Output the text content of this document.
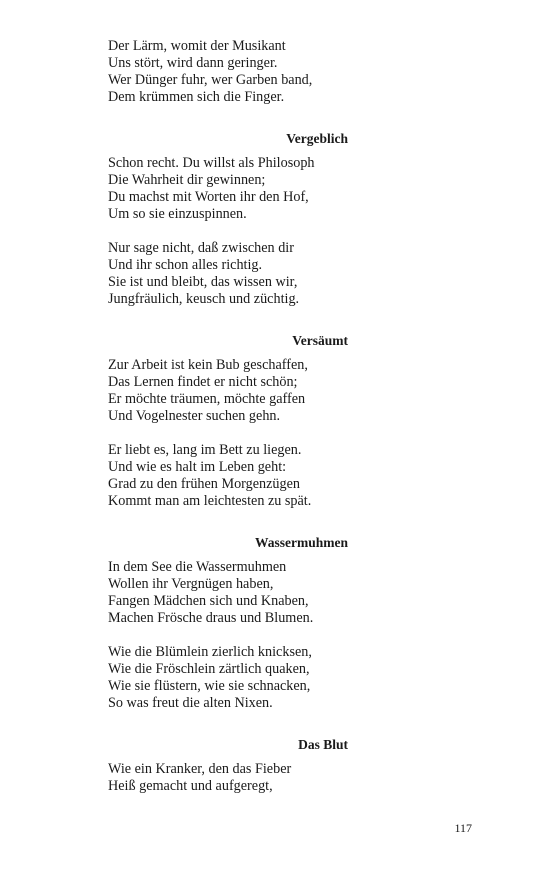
Der Lärm, womit der Musikant
Uns stört, wird dann geringer.
Wer Dünger fuhr, wer Garben band,
Dem krümmen sich die Finger.
Vergeblich
Schon recht. Du willst als Philosoph
Die Wahrheit dir gewinnen;
Du machst mit Worten ihr den Hof,
Um so sie einzuspinnen.
Nur sage nicht, daß zwischen dir
Und ihr schon alles richtig.
Sie ist und bleibt, das wissen wir,
Jungfräulich, keusch und züchtig.
Versäumt
Zur Arbeit ist kein Bub geschaffen,
Das Lernen findet er nicht schön;
Er möchte träumen, möchte gaffen
Und Vogelnester suchen gehn.
Er liebt es, lang im Bett zu liegen.
Und wie es halt im Leben geht:
Grad zu den frühen Morgenzügen
Kommt man am leichtesten zu spät.
Wassermuhmen
In dem See die Wassermuhmen
Wollen ihr Vergnügen haben,
Fangen Mädchen sich und Knaben,
Machen Frösche draus und Blumen.
Wie die Blümlein zierlich knicksen,
Wie die Fröschlein zärtlich quaken,
Wie sie flüstern, wie sie schnacken,
So was freut die alten Nixen.
Das Blut
Wie ein Kranker, den das Fieber
Heiß gemacht und aufgeregt,
117
